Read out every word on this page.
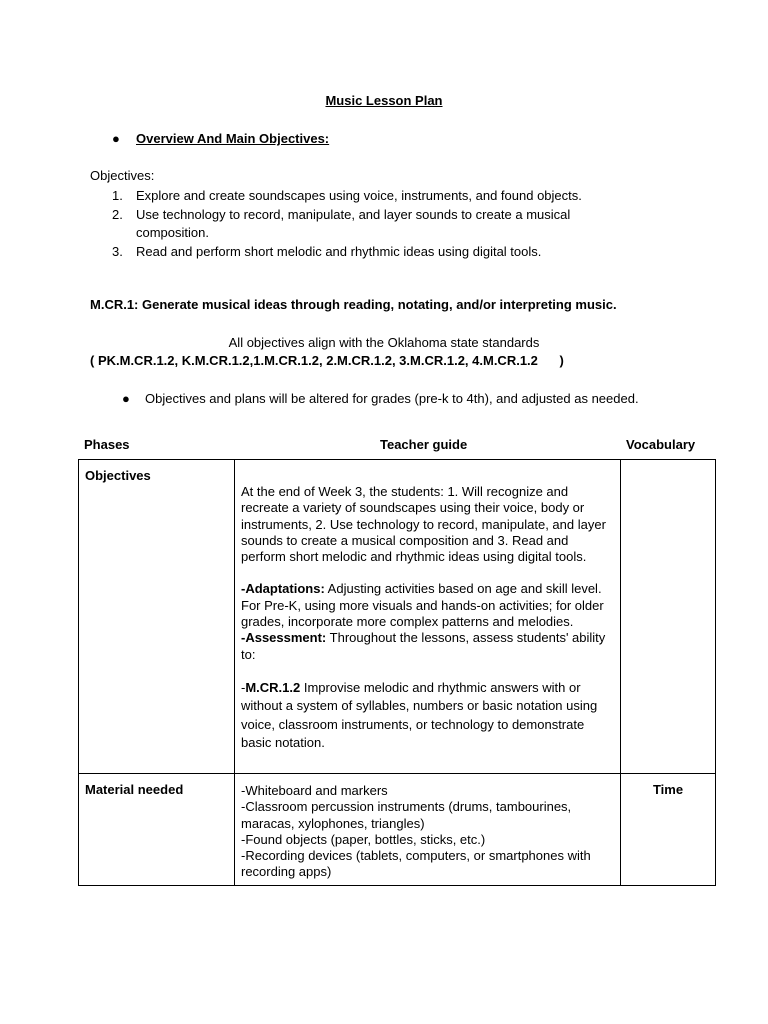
Music Lesson Plan
● Overview And Main Objectives:
Objectives:
1. Explore and create soundscapes using voice, instruments, and found objects.
2. Use technology to record, manipulate, and layer sounds to create a musical composition.
3. Read and perform short melodic and rhythmic ideas using digital tools.
M.CR.1: Generate musical ideas through reading, notating, and/or interpreting music.
All objectives align with the Oklahoma state standards
( PK.M.CR.1.2, K.M.CR.1.2,1.M.CR.1.2, 2.M.CR.1.2, 3.M.CR.1.2, 4.M.CR.1.2      )
● Objectives and plans will be altered for grades (pre-k to 4th), and adjusted as needed.
Phases	Teacher guide	Vocabulary
Objectives	At the end of Week 3, the students: 1. Will recognize and recreate a variety of soundscapes using their voice, body or instruments, 2. Use technology to record, manipulate, and layer sounds to create a musical composition and 3. Read and perform short melodic and rhythmic ideas using digital tools.
-Adaptations: Adjusting activities based on age and skill level. For Pre-K, using more visuals and hands-on activities; for older grades, incorporate more complex patterns and melodies.
-Assessment: Throughout the lessons, assess students' ability to:
-M.CR.1.2 Improvise melodic and rhythmic answers with or without a system of syllables, numbers or basic notation using voice, classroom instruments, or technology to demonstrate basic notation.	

Material needed	-Whiteboard and markers
-Classroom percussion instruments (drums, tambourines, maracas, xylophones, triangles)
-Found objects (paper, bottles, sticks, etc.)
-Recording devices (tablets, computers, or smartphones with recording apps)	Time
